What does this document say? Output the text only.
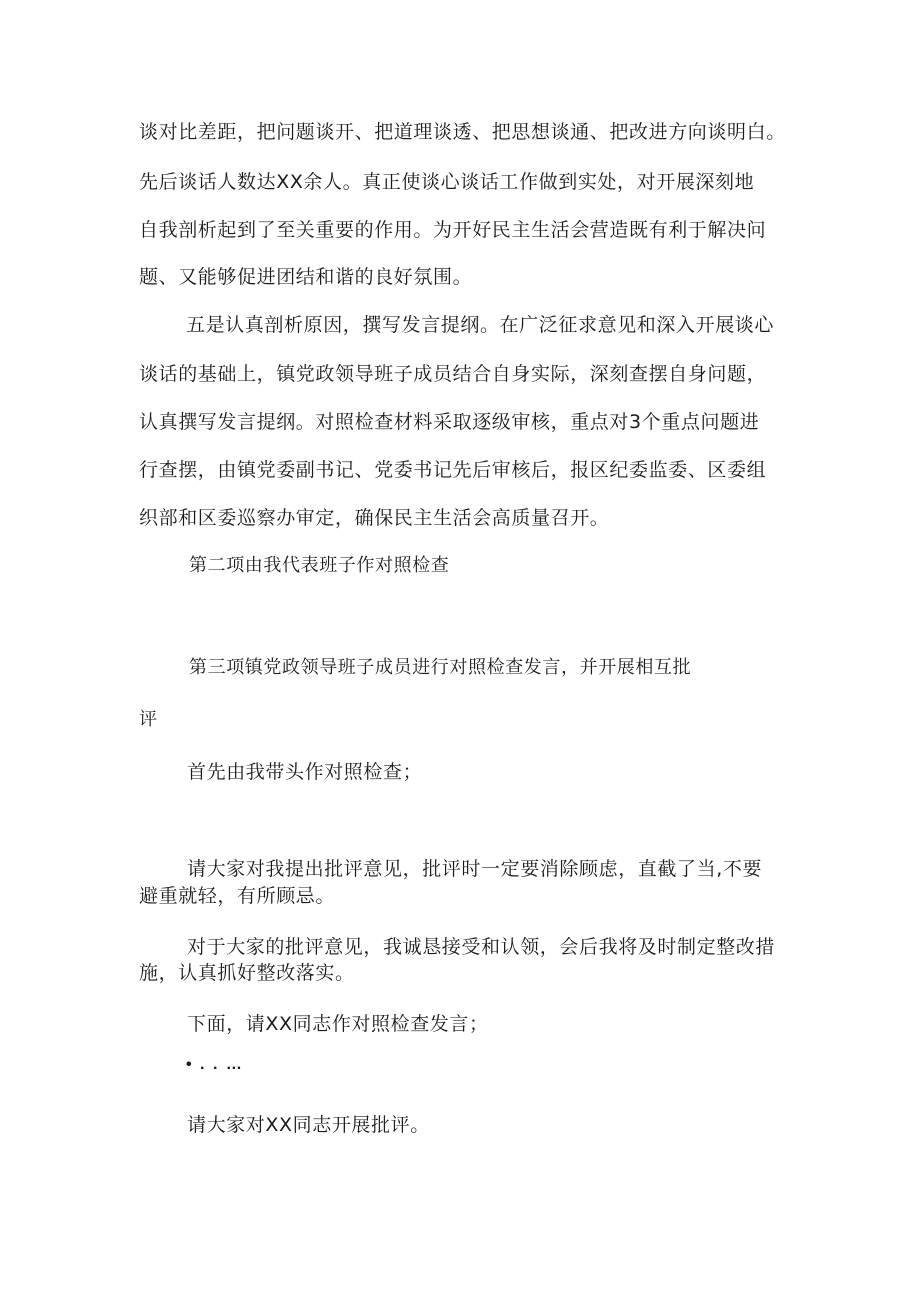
谈对比差距，把问题谈开、把道理谈透、把思想谈通、把改进方向谈明白。
先后谈话人数达XX余人。真正使谈心谈话工作做到实处，对开展深刻地
自我剖析起到了至关重要的作用。为开好民主生活会营造既有利于解决问
题、又能够促进团结和谐的良好氛围。
五是认真剖析原因，撰写发言提纲。在广泛征求意见和深入开展谈心
谈话的基础上，镇党政领导班子成员结合自身实际，深刻查摆自身问题，
认真撰写发言提纲。对照检查材料采取逐级审核，重点对3个重点问题进
行查摆，由镇党委副书记、党委书记先后审核后，报区纪委监委、区委组
织部和区委巡察办审定，确保民主生活会高质量召开。
第二项由我代表班子作对照检查
第三项镇党政领导班子成员进行对照检查发言，并开展相互批
评
首先由我带头作对照检查；
请大家对我提出批评意见，批评时一定要消除顾虑，直截了当,不要
避重就轻，有所顾忌。
对于大家的批评意见，我诚恳接受和认领，会后我将及时制定整改措
施，认真抓好整改落实。
下面，请XX同志作对照检查发言；
• . . …
请大家对XX同志开展批评。
